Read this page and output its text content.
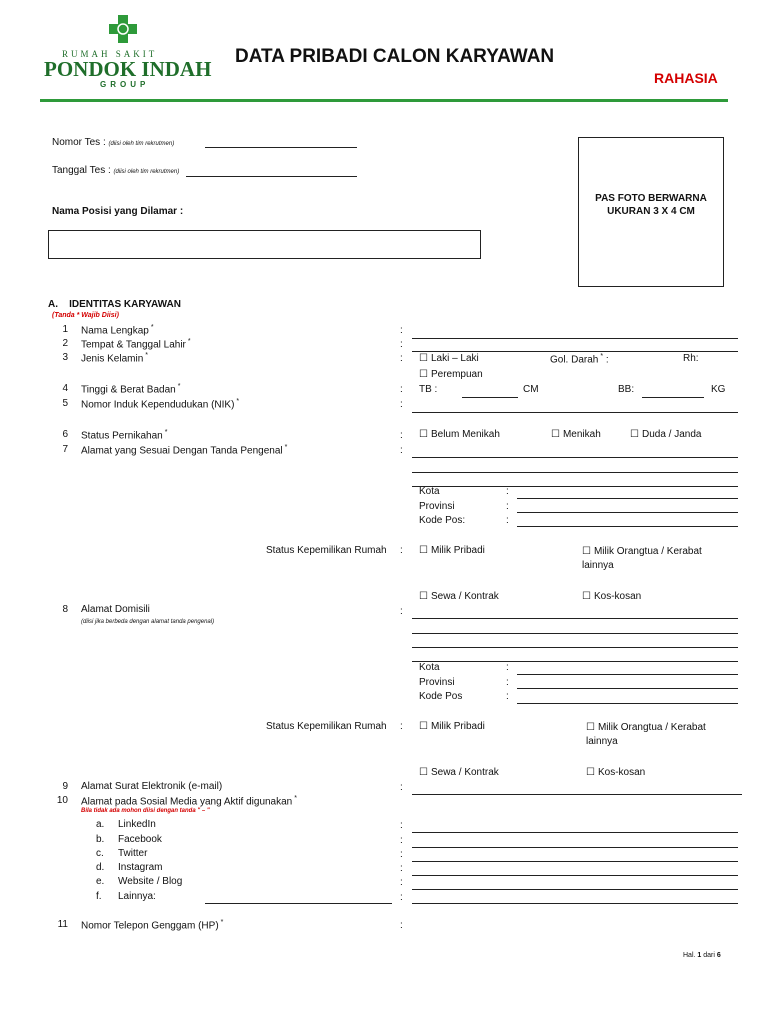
RUMAH SAKIT
PONDOK INDAH
GROUP
DATA PRIBADI CALON KARYAWAN
RAHASIA
Nomor Tes : (diisi oleh tim rekrutmen)
Tanggal Tes : (diisi oleh tim rekrutmen)
Nama Posisi yang Dilamar :
PAS FOTO BERWARNA
UKURAN 3 X 4 CM
A.    IDENTITAS KARYAWAN
(Tanda * Wajib Diisi)
1 Nama Lengkap *	:
2 Tempat & Tanggal Lahir *	:
3 Jenis Kelamin *	: ☐ Laki – Laki	Gol. Darah * :	Rh:
☐ Perempuan
4 Tinggi & Berat Badan *	: TB :	CM	BB:	KG
5 Nomor Induk Kependudukan (NIK) *	:
6 Status Pernikahan *	: ☐ Belum Menikah	☐ Menikah	☐ Duda / Janda
7 Alamat yang Sesuai Dengan Tanda Pengenal *	:
Kota	:
Provinsi	:
Kode Pos:	:
Status Kepemilikan Rumah : ☐ Milik Pribadi	☐ Milik Orangtua / Kerabat
lainnya
☐ Sewa / Kontrak	☐ Kos-kosan
8 Alamat Domisili
(diisi jika berbeda dengan alamat tanda pengenal)
:
Kota	:
Provinsi	:
Kode Pos	:
Status Kepemilikan Rumah : ☐ Milik Pribadi	☐ Milik Orangtua / Kerabat
lainnya
☐ Sewa / Kontrak	☐ Kos-kosan
9 Alamat Surat Elektronik (e-mail)	:
10 Alamat pada Sosial Media yang Aktif digunakan *
Bila tidak ada mohon diisi dengan tanda " – "
a. LinkedIn	:
b. Facebook	:
c. Twitter	:
d. Instagram	:
e. Website / Blog	:
f. Lainnya:	:
11 Nomor Telepon Genggam (HP) *	:
Hal. 1 dari 6
